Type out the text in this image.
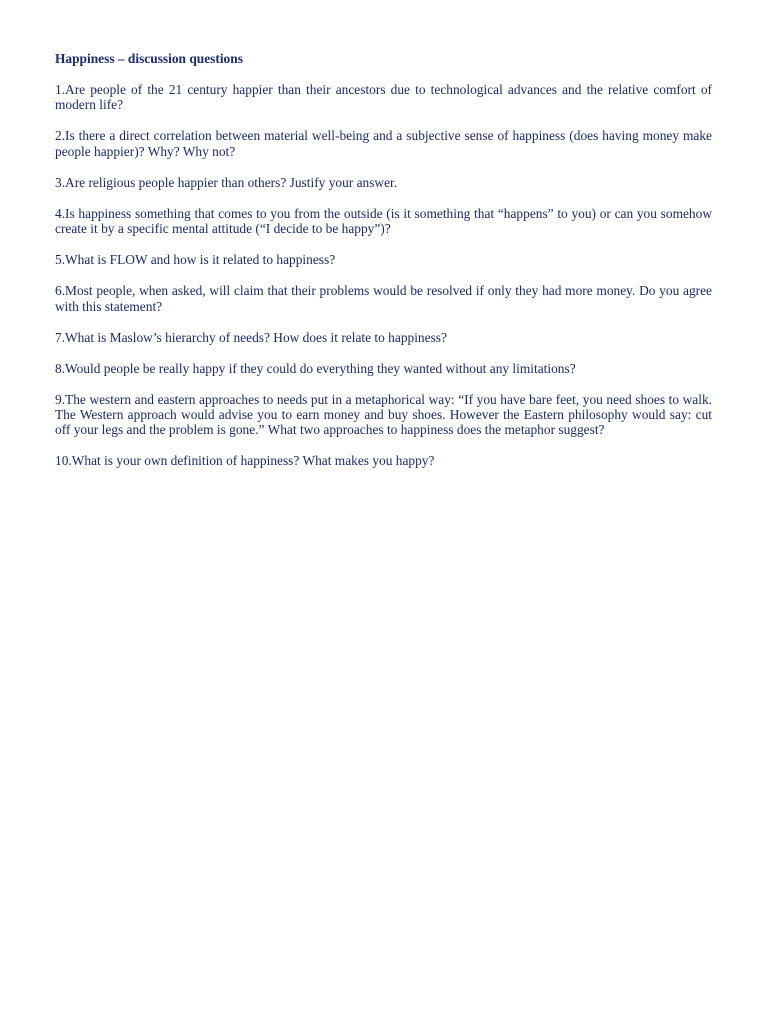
Happiness – discussion questions
1.Are people of the 21 century happier than their ancestors due to technological advances and the relative comfort of modern life?
2.Is there a direct correlation between material well-being and a subjective sense of happiness (does having money make people happier)? Why? Why not?
3.Are religious people happier than others? Justify your answer.
4.Is happiness something that comes to you from the outside (is it something that “happens” to you) or can you somehow create it by a specific mental attitude (“I decide to be happy”)?
5.What is FLOW and how is it related to happiness?
6.Most people, when asked, will claim that their problems would be resolved if only they had more money. Do you agree with this statement?
7.What is Maslow’s hierarchy of needs? How does it relate to happiness?
8.Would people be really happy if they could do everything they wanted without any limitations?
9.The western and eastern approaches to needs put in a metaphorical way: “If you have bare feet, you need shoes to walk. The Western approach would advise you to earn money and buy shoes. However the Eastern philosophy would say: cut off your legs and the problem is gone.” What two approaches to happiness does the metaphor suggest?
10.What is your own definition of happiness? What makes you happy?
